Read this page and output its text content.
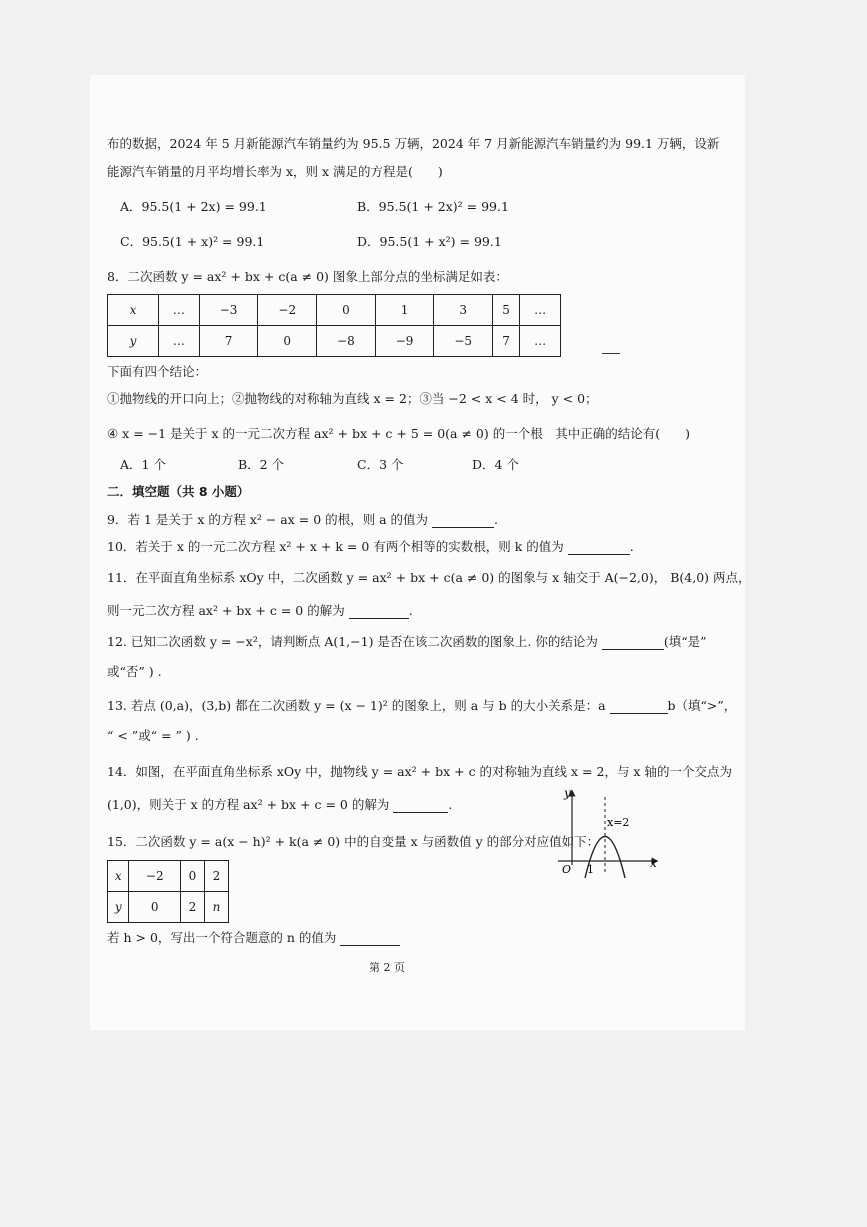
布的数据，2024 年 5 月新能源汽车销量约为 95.5 万辆，2024 年 7 月新能源汽车销量约为 99.1 万辆，设新
能源汽车销量的月平均增长率为 x，则 x 满足的方程是(　　)
A．95.5(1 + 2x) = 99.1	B．95.5(1 + 2x)² = 99.1
C．95.5(1 + x)² = 99.1	D．95.5(1 + x²) = 99.1
8．二次函数 y = ax² + bx + c(a ≠ 0) 图象上部分点的坐标满足如表：
x	…	−3	−2	0	1	3	5	…
y	…	7	0	−8	−9	−5	7	…
下面有四个结论：
①抛物线的开口向上；②抛物线的对称轴为直线 x = 2；③当 −2 < x < 4 时， y < 0；
④ x = −1 是关于 x 的一元二次方程 ax² + bx + c + 5 = 0(a ≠ 0) 的一个根　其中正确的结论有(　　)
A．1 个	B．2 个	C．3 个	D．4 个
二．填空题（共 8 小题）
9．若 1 是关于 x 的方程 x² − ax = 0 的根，则 a 的值为	.
10．若关于 x 的一元二次方程 x² + x + k = 0 有两个相等的实数根，则 k 的值为	.
11．在平面直角坐标系 xOy 中，二次函数 y = ax² + bx + c(a ≠ 0) 的图象与 x 轴交于 A(−2,0)， B(4,0) 两点，
则一元二次方程 ax² + bx + c = 0 的解为	.
12. 已知二次函数 y = −x²，请判断点 A(1,−1) 是否在该二次函数的图象上. 你的结论为	(填“是”
或“否” ) .
13. 若点 (0,a)，(3,b) 都在二次函数 y = (x − 1)² 的图象上，则 a 与 b 的大小关系是：a	b（填“>”，
“ < ”或“ = ” ) .
14．如图，在平面直角坐标系 xOy 中，抛物线 y = ax² + bx + c 的对称轴为直线 x = 2，与 x 轴的一个交点为
(1,0)，则关于 x 的方程 ax² + bx + c = 0 的解为	.
y
x
O 1
x=2
15．二次函数 y = a(x − h)² + k(a ≠ 0) 中的自变量 x 与函数值 y 的部分对应值如下：
x	−2	0	2
y	0	2	n
若 h > 0，写出一个符合题意的 n 的值为
第 2 页
